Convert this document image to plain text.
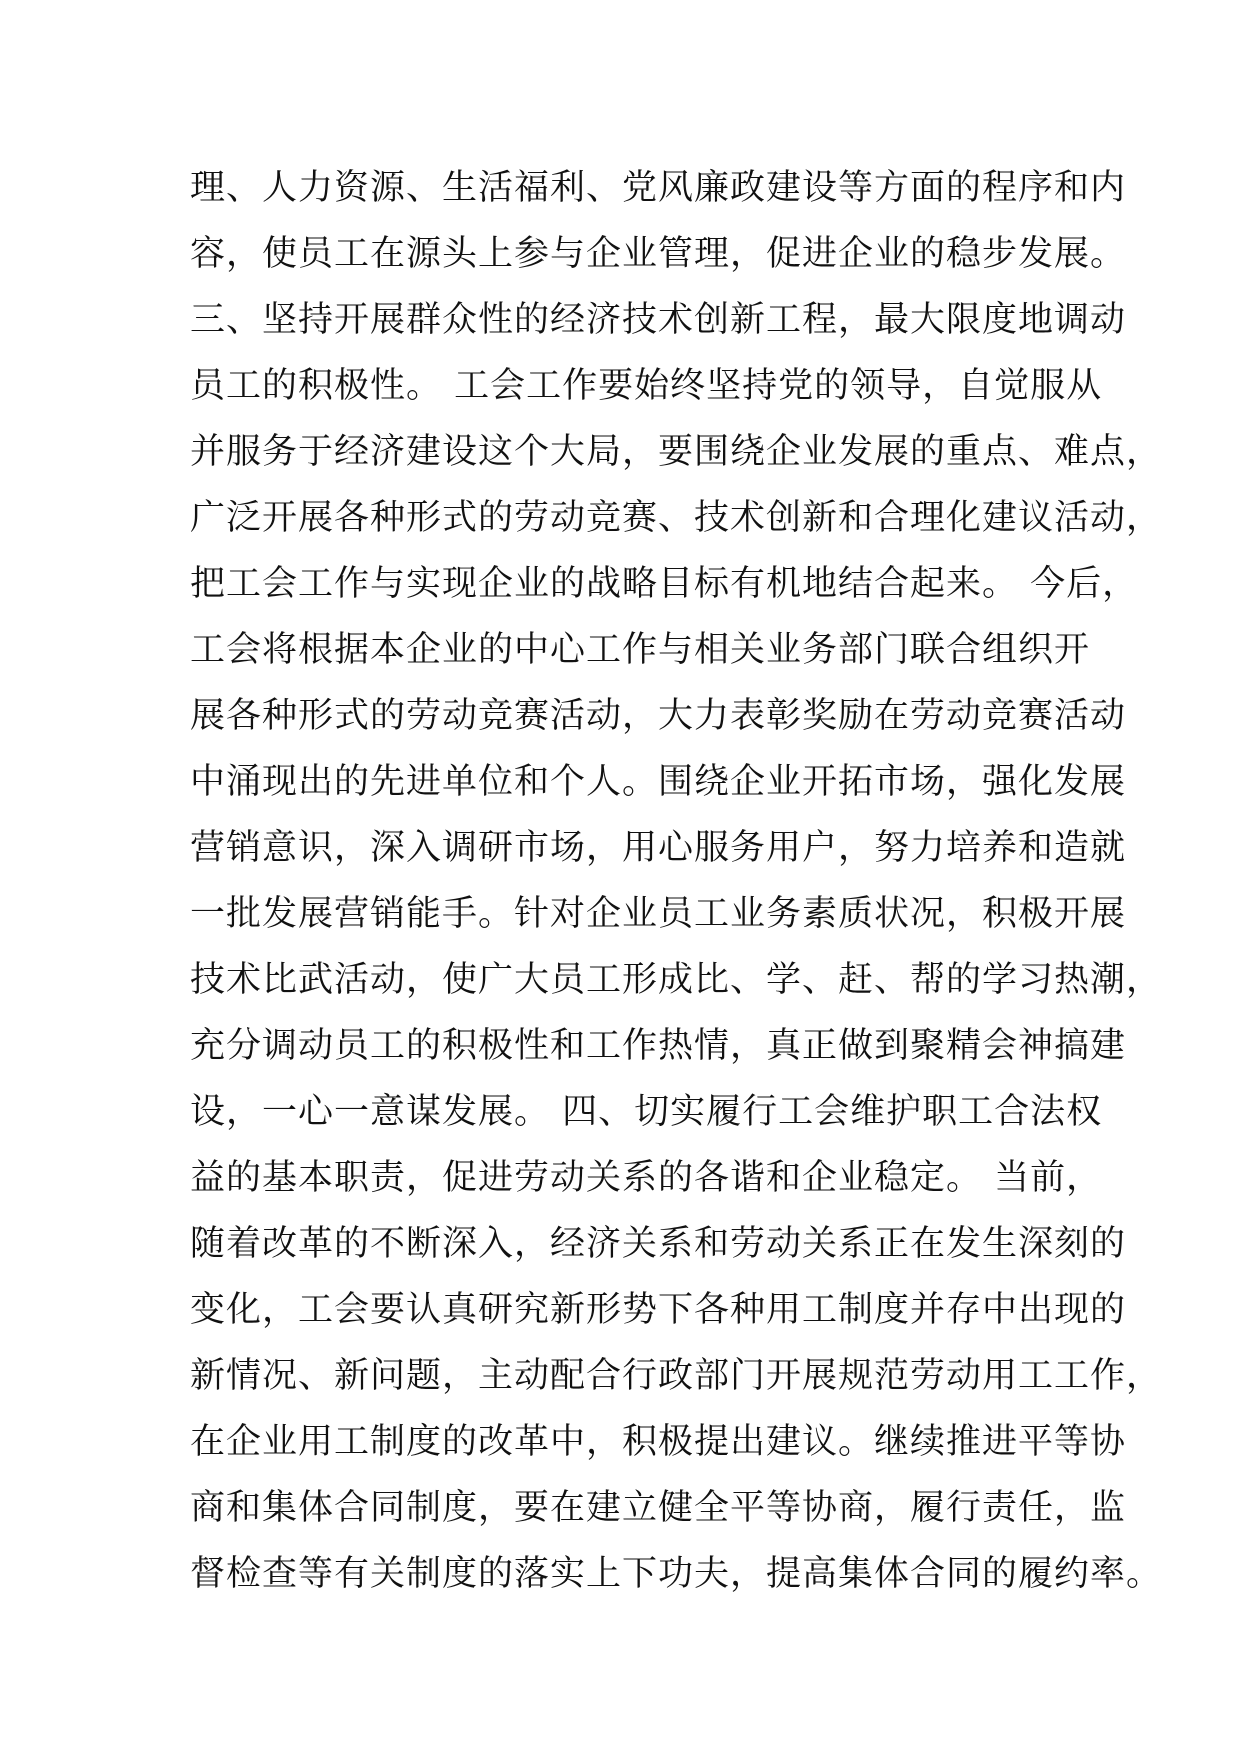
理、人力资源、生活福利、党风廉政建设等方面的程序和内
容，使员工在源头上参与企业管理，促进企业的稳步发展。
三、坚持开展群众性的经济技术创新工程，最大限度地调动
员工的积极性。 工会工作要始终坚持党的领导，自觉服从
并服务于经济建设这个大局，要围绕企业发展的重点、难点，
广泛开展各种形式的劳动竞赛、技术创新和合理化建议活动，
把工会工作与实现企业的战略目标有机地结合起来。 今后，
工会将根据本企业的中心工作与相关业务部门联合组织开
展各种形式的劳动竞赛活动，大力表彰奖励在劳动竞赛活动
中涌现出的先进单位和个人。围绕企业开拓市场，强化发展
营销意识，深入调研市场，用心服务用户，努力培养和造就
一批发展营销能手。针对企业员工业务素质状况，积极开展
技术比武活动，使广大员工形成比、学、赶、帮的学习热潮，
充分调动员工的积极性和工作热情，真正做到聚精会神搞建
设，一心一意谋发展。 四、切实履行工会维护职工合法权
益的基本职责，促进劳动关系的各谐和企业稳定。 当前，
随着改革的不断深入，经济关系和劳动关系正在发生深刻的
变化，工会要认真研究新形势下各种用工制度并存中出现的
新情况、新问题，主动配合行政部门开展规范劳动用工工作，
在企业用工制度的改革中，积极提出建议。继续推进平等协
商和集体合同制度，要在建立健全平等协商，履行责任，监
督检查等有关制度的落实上下功夫，提高集体合同的履约率。
